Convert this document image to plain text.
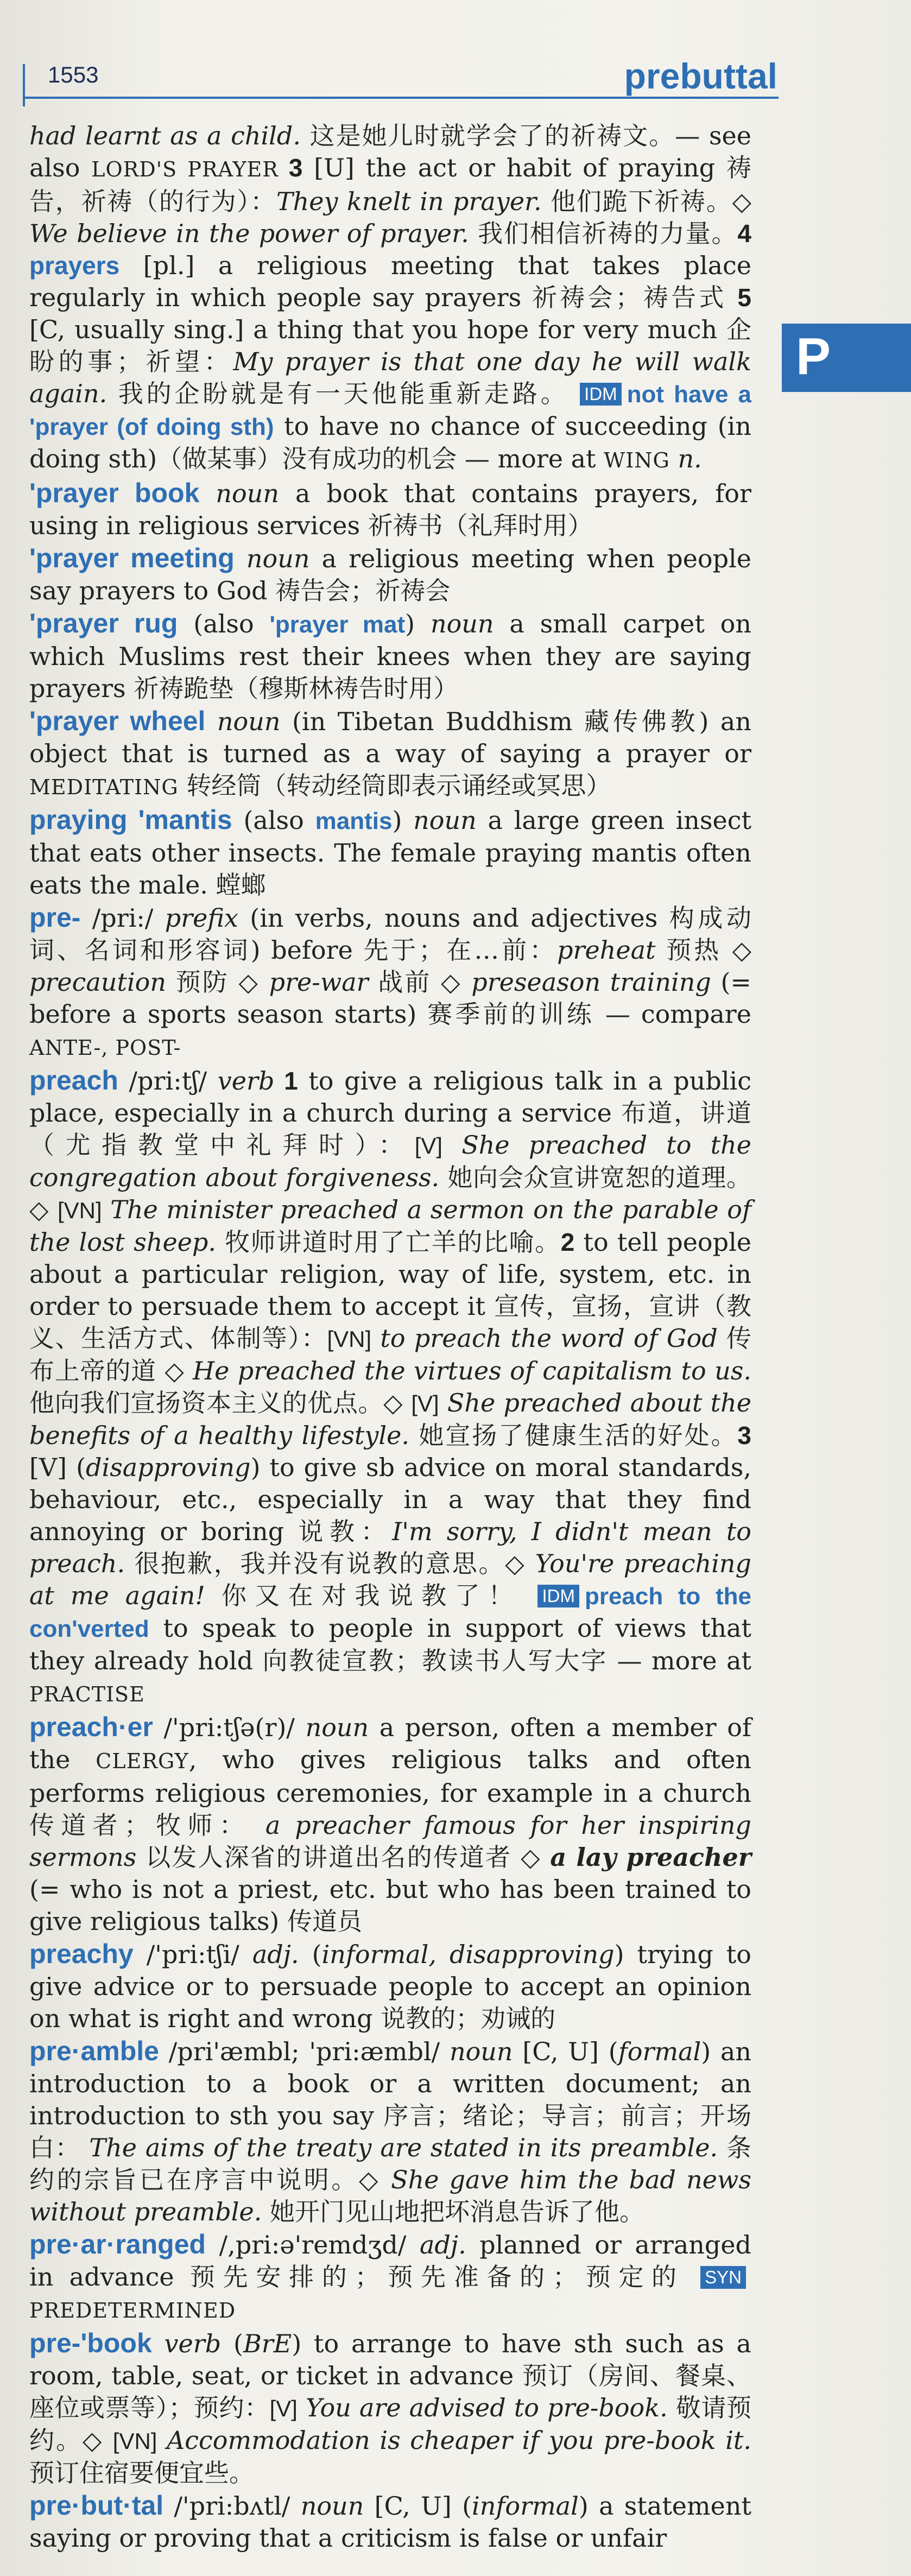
1553	prebuttal
P

had learnt as a child. 这是她儿时就学会了的祈祷文。— see also LORD'S PRAYER 3 [U] the act or habit of praying 祷告，祈祷（的行为）：They knelt in prayer. 他们跪下祈祷。◇ We believe in the power of prayer. 我们相信祈祷的力量。4 prayers [pl.] a religious meeting that takes place regularly in which people say prayers 祈祷会；祷告式 5 [C, usually sing.] a thing that you hope for very much 企盼的事；祈望：My prayer is that one day he will walk again. 我的企盼就是有一天他能重新走路。 IDM not have a 'prayer (of doing sth) to have no chance of succeeding (in doing sth)（做某事）没有成功的机会 — more at WING n.

'prayer book noun a book that contains prayers, for using in religious services 祈祷书（礼拜时用）

'prayer meeting noun a religious meeting when people say prayers to God 祷告会；祈祷会

'prayer rug (also 'prayer mat) noun a small carpet on which Muslims rest their knees when they are saying prayers 祈祷跪垫（穆斯林祷告时用）

'prayer wheel noun (in Tibetan Buddhism 藏传佛教) an object that is turned as a way of saying a prayer or MEDITATING 转经筒（转动经筒即表示诵经或冥思）

praying 'mantis (also mantis) noun a large green insect that eats other insects. The female praying mantis often eats the male. 螳螂

pre- /pri:/ prefix (in verbs, nouns and adjectives 构成动词、名词和形容词) before 先于；在…前：preheat 预热 ◇ precaution 预防 ◇ pre-war 战前 ◇ preseason training (= before a sports season starts) 赛季前的训练 — compare ANTE-, POST-

preach /pri:tʃ/ verb 1 to give a religious talk in a public place, especially in a church during a service 布道，讲道（尤指教堂中礼拜时）：[V] She preached to the congregation about forgiveness. 她向会众宣讲宽恕的道理。◇ [VN] The minister preached a sermon on the parable of the lost sheep. 牧师讲道时用了亡羊的比喻。2 to tell people about a particular religion, way of life, system, etc. in order to persuade them to accept it 宣传，宣扬，宣讲（教义、生活方式、体制等）：[VN] to preach the word of God 传布上帝的道 ◇ He preached the virtues of capitalism to us. 他向我们宣扬资本主义的优点。◇ [V] She preached about the benefits of a healthy lifestyle. 她宣扬了健康生活的好处。3 [V] (disapproving) to give sb advice on moral standards, behaviour, etc., especially in a way that they find annoying or boring 说教：I'm sorry, I didn't mean to preach. 很抱歉，我并没有说教的意思。◇ You're preaching at me again! 你又在对我说教了！ IDM preach to the con'verted to speak to people in support of views that they already hold 向教徒宣教；教读书人写大字 — more at PRACTISE

preach·er /'pri:tʃə(r)/ noun a person, often a member of the CLERGY, who gives religious talks and often performs religious ceremonies, for example in a church 传道者；牧师： a preacher famous for her inspiring sermons 以发人深省的讲道出名的传道者 ◇ a lay preacher (= who is not a priest, etc. but who has been trained to give religious talks) 传道员

preachy /'pri:tʃi/ adj. (informal, disapproving) trying to give advice or to persuade people to accept an opinion on what is right and wrong 说教的；劝诫的

pre·amble /pri'æmbl; 'pri:æmbl/ noun [C, U] (formal) an introduction to a book or a written document; an introduction to sth you say 序言；绪论；导言；前言；开场白： The aims of the treaty are stated in its preamble. 条约的宗旨已在序言中说明。◇ She gave him the bad news without preamble. 她开门见山地把坏消息告诉了他。

pre·ar·ranged /,pri:ə'remdʒd/ adj. planned or arranged in advance 预先安排的；预先准备的；预定的 SYNPREDETERMINED

pre-'book verb (BrE) to arrange to have sth such as a room, table, seat, or ticket in advance 预订（房间、餐桌、座位或票等）；预约：[V] You are advised to pre-book. 敬请预约。◇ [VN] Accommodation is cheaper if you pre-book it. 预订住宿要便宜些。

pre·but·tal /'pri:bʌtl/ noun [C, U] (informal) a statement saying or proving that a criticism is false or unfair
